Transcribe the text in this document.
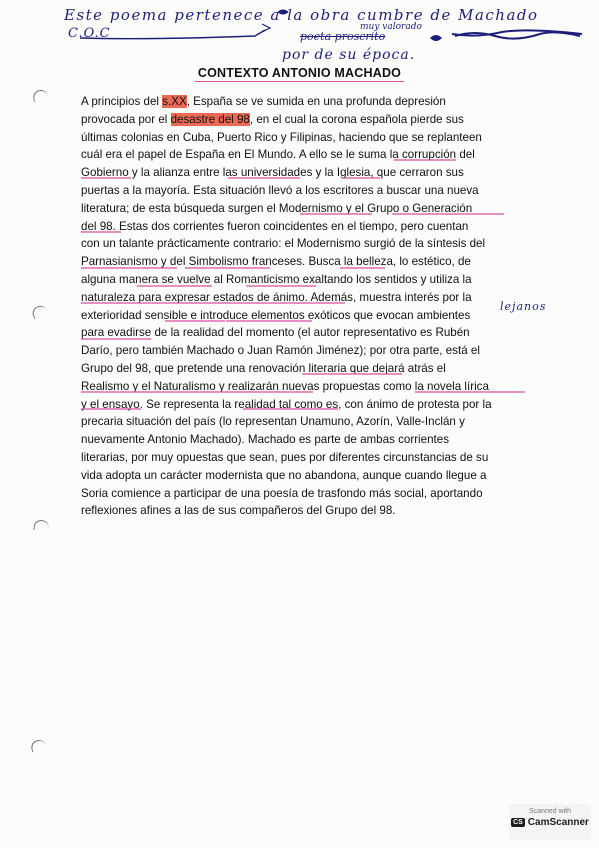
Este poema pertenece a la obra cumbre de Machado
C.O.C	muy valorado
poeta proscrito
por de su época.
lejanos
CONTEXTO ANTONIO MACHADO
A principios del s.XX, España se ve sumida en una profunda depresión
provocada por el desastre del 98, en el cual la corona española pierde sus
últimas colonias en Cuba, Puerto Rico y Filipinas, haciendo que se replanteen
cuál era el papel de España en El Mundo. A ello se le suma la corrupción del
Gobierno y la alianza entre las universidades y la Iglesia, que cerraron sus
puertas a la mayoría. Esta situación llevó a los escritores a buscar una nueva
literatura; de esta búsqueda surgen el Modernismo y el Grupo o Generación
del 98. Estas dos corrientes fueron coincidentes en el tiempo, pero cuentan
con un talante prácticamente contrario: el Modernismo surgió de la síntesis del
Parnasianismo y del Simbolismo franceses. Busca la belleza, lo estético, de
alguna manera se vuelve al Romanticismo exaltando los sentidos y utiliza la
naturaleza para expresar estados de ánimo. Además, muestra interés por la
exterioridad sensible e introduce elementos exóticos que evocan ambientes
para evadirse de la realidad del momento (el autor representativo es Rubén
Darío, pero también Machado o Juan Ramón Jiménez); por otra parte, está el
Grupo del 98, que pretende una renovación literaria que dejará atrás el
Realismo y el Naturalismo y realizarán nuevas propuestas como la novela lírica
y el ensayo. Se representa la realidad tal como es, con ánimo de protesta por la
precaria situación del país (lo representan Unamuno, Azorín, Valle-Inclán y
nuevamente Antonio Machado). Machado es parte de ambas corrientes
literarias, por muy opuestas que sean, pues por diferentes circunstancias de su
vida adopta un carácter modernista que no abandona, aunque cuando llegue a
Soria comience a participar de una poesía de trasfondo más social, aportando
reflexiones afines a las de sus compañeros del Grupo del 98.
Scanned with
CS CamScanner
